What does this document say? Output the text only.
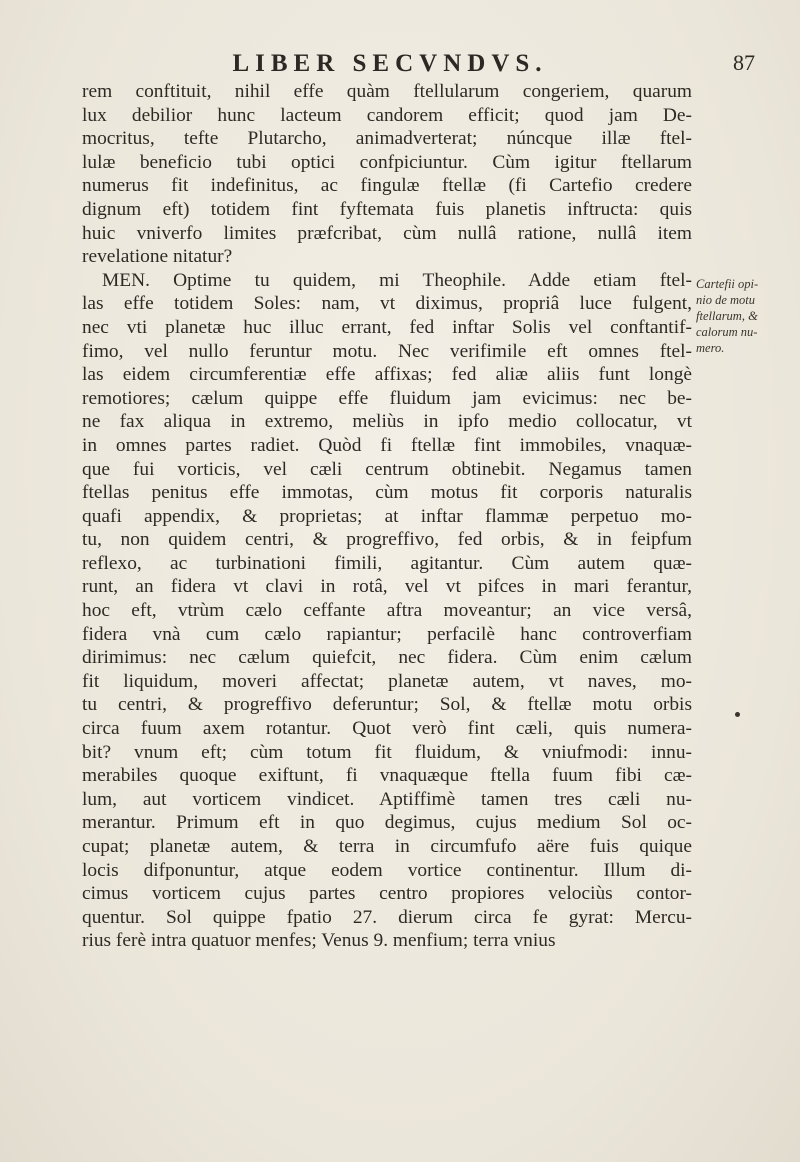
LIBER SECVNDVS.	87
rem conftituit, nihil effe quàm ftellularum congeriem, quarum
lux debilior hunc lacteum candorem efficit; quod jam De-
mocritus, tefte Plutarcho, animadverterat; núncque illæ ftel-
lulæ beneficio tubi optici confpiciuntur. Cùm igitur ftellarum
numerus fit indefinitus, ac fingulæ ftellæ (fi Cartefio credere
dignum eft) totidem fint fyftemata fuis planetis inftructa: quis
huic vniverfo limites præfcribat, cùm nullâ ratione, nullâ item
revelatione nitatur?
MEN. Optime tu quidem, mi Theophile. Adde etiam ftel-
las effe totidem Soles: nam, vt diximus, propriâ luce fulgent,
nec vti planetæ huc illuc errant, fed inftar Solis vel conftantif-
fimo, vel nullo feruntur motu. Nec verifimile eft omnes ftel-
las eidem circumferentiæ effe affixas; fed aliæ aliis funt longè
remotiores; cælum quippe effe fluidum jam evicimus: nec be-
ne fax aliqua in extremo, meliùs in ipfo medio collocatur, vt
in omnes partes radiet. Quòd fi ftellæ fint immobiles, vnaquæ-
que fui vorticis, vel cæli centrum obtinebit. Negamus tamen
ftellas penitus effe immotas, cùm motus fit corporis naturalis
quafi appendix, & proprietas; at inftar flammæ perpetuo mo-
tu, non quidem centri, & progreffivo, fed orbis, & in feipfum
reflexo, ac turbinationi fimili, agitantur. Cùm autem quæ-
runt, an fidera vt clavi in rotâ, vel vt pifces in mari ferantur,
hoc eft, vtrùm cælo ceffante aftra moveantur; an vice versâ,
fidera vnà cum cælo rapiantur; perfacilè hanc controverfiam
dirimimus: nec cælum quiefcit, nec fidera. Cùm enim cælum
fit liquidum, moveri affectat; planetæ autem, vt naves, mo-
tu centri, & progreffivo deferuntur; Sol, & ftellæ motu orbis
circa fuum axem rotantur. Quot verò fint cæli, quis numera-
bit? vnum eft; cùm totum fit fluidum, & vniufmodi: innu-
merabiles quoque exiftunt, fi vnaquæque ftella fuum fibi cæ-
lum, aut vorticem vindicet. Aptiffimè tamen tres cæli nu-
merantur. Primum eft in quo degimus, cujus medium Sol oc-
cupat; planetæ autem, & terra in circumfufo aëre fuis quique
locis difponuntur, atque eodem vortice continentur. Illum di-
cimus vorticem cujus partes centro propiores velociùs contor-
quentur. Sol quippe fpatio 27. dierum circa fe gyrat: Mercu-
rius ferè intra quatuor menfes; Venus 9. menfium; terra vnius
Cartefii opi-
nio de motu
ftellarum, &
calorum nu-
mero.
